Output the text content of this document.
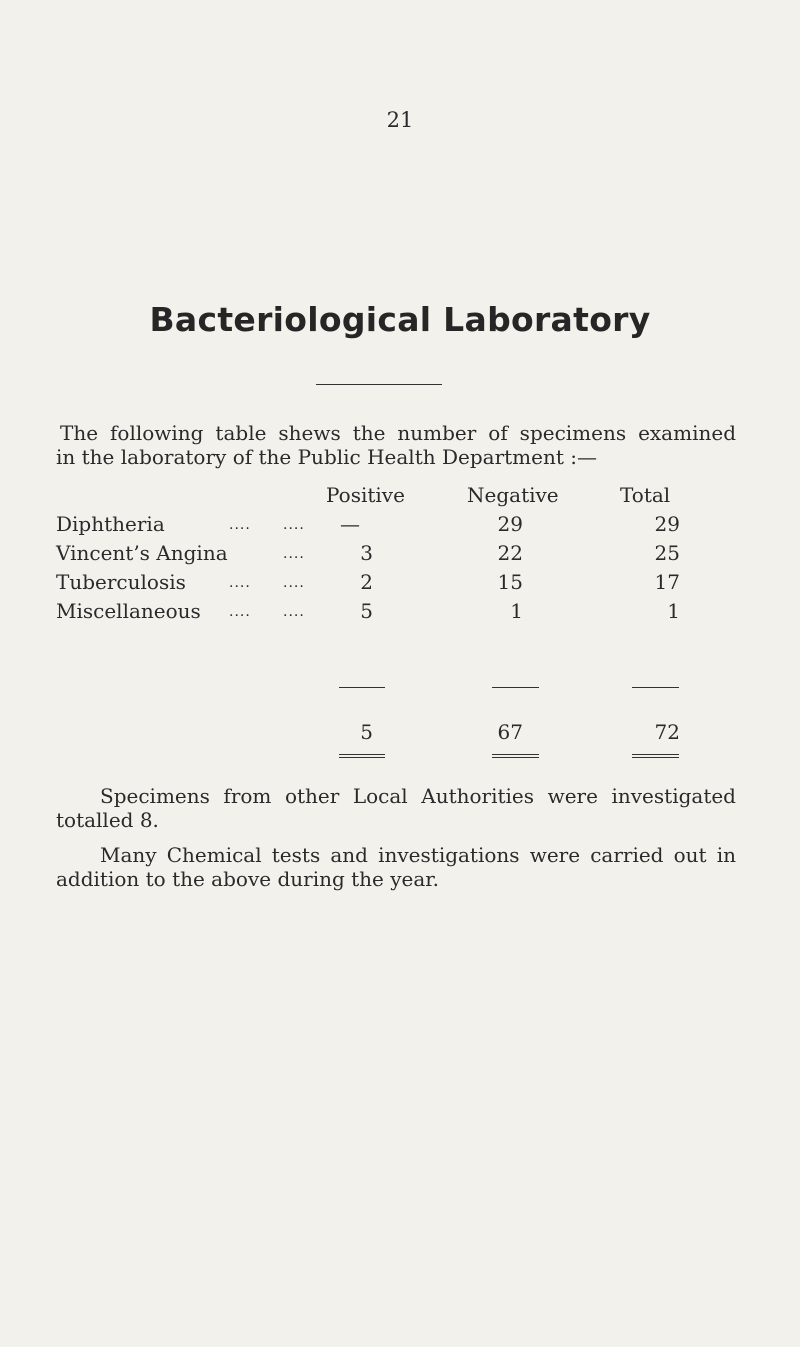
21
Bacteriological Laboratory
The following table shews the number of specimens examined
in the laboratory of the Public Health Department :—
Positive	Negative	Total
Diphtheria	.... ....	—	29	29
Vincent’s Angina	....	3	22	25
Tuberculosis	.... ....	2	15	17
Miscellaneous .... ....	5	1	1
5	67	72
Specimens from other Local Authorities were investigated
totalled 8.
Many Chemical tests and investigations were carried out in
addition to the above during the year.
